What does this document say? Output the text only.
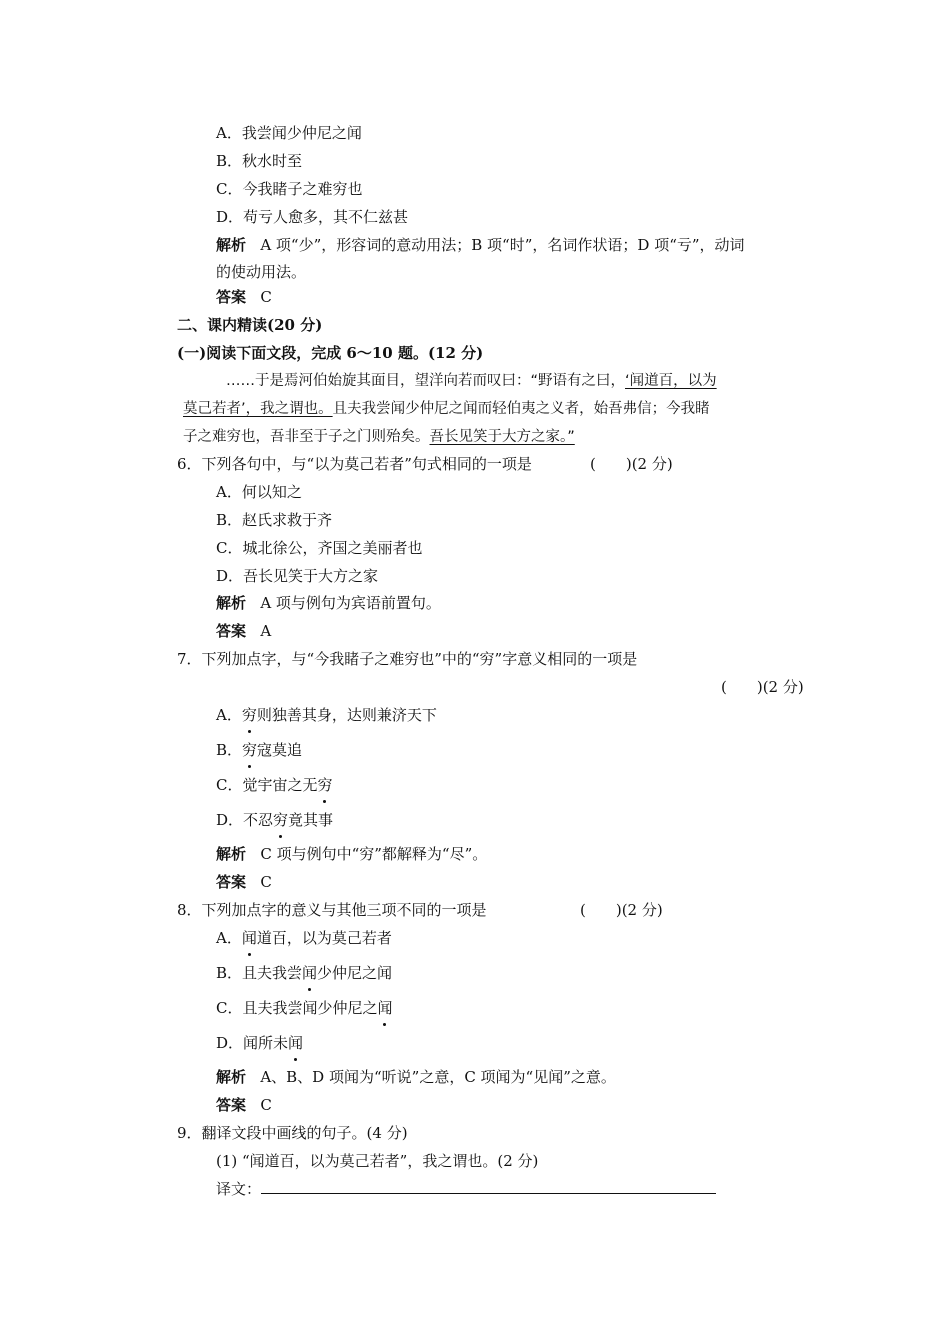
A．我尝闻少仲尼之闻
B．秋水时至
C．今我睹子之难穷也
D．苟亏人愈多，其不仁兹甚
解析 A 项“少”，形容词的意动用法；B 项“时”，名词作状语；D 项“亏”，动词
的使动用法。
答案 C
二、课内精读(20 分)
(一)阅读下面文段，完成 6～10 题。(12 分)
……于是焉河伯始旋其面目，望洋向若而叹曰：“野语有之曰，‘闻道百，以为
莫己若者’，我之谓也。且夫我尝闻少仲尼之闻而轻伯夷之义者，始吾弗信；今我睹
子之难穷也，吾非至于子之门则殆矣。吾长见笑于大方之家。”
6．下列各句中，与“以为莫己若者”句式相同的一项是	(　　)(2 分)
A．何以知之
B．赵氏求救于齐
C．城北徐公，齐国之美丽者也
D．吾长见笑于大方之家
解析 A 项与例句为宾语前置句。
答案 A
7．下列加点字，与“今我睹子之难穷也”中的“穷”字意义相同的一项是
(　　)(2 分)
A．穷则独善其身，达则兼济天下
B．穷寇莫追
C．觉宇宙之无穷
D．不忍穷竟其事
解析 C 项与例句中“穷”都解释为“尽”。
答案 C
8．下列加点字的意义与其他三项不同的一项是	(　　)(2 分)
A．闻道百，以为莫己若者
B．且夫我尝闻少仲尼之闻
C．且夫我尝闻少仲尼之闻
D．闻所未闻
解析 A、B、D 项闻为“听说”之意，C 项闻为“见闻”之意。
答案 C
9．翻译文段中画线的句子。(4 分)
(1) “闻道百，以为莫己若者”，我之谓也。(2 分)
译文：
